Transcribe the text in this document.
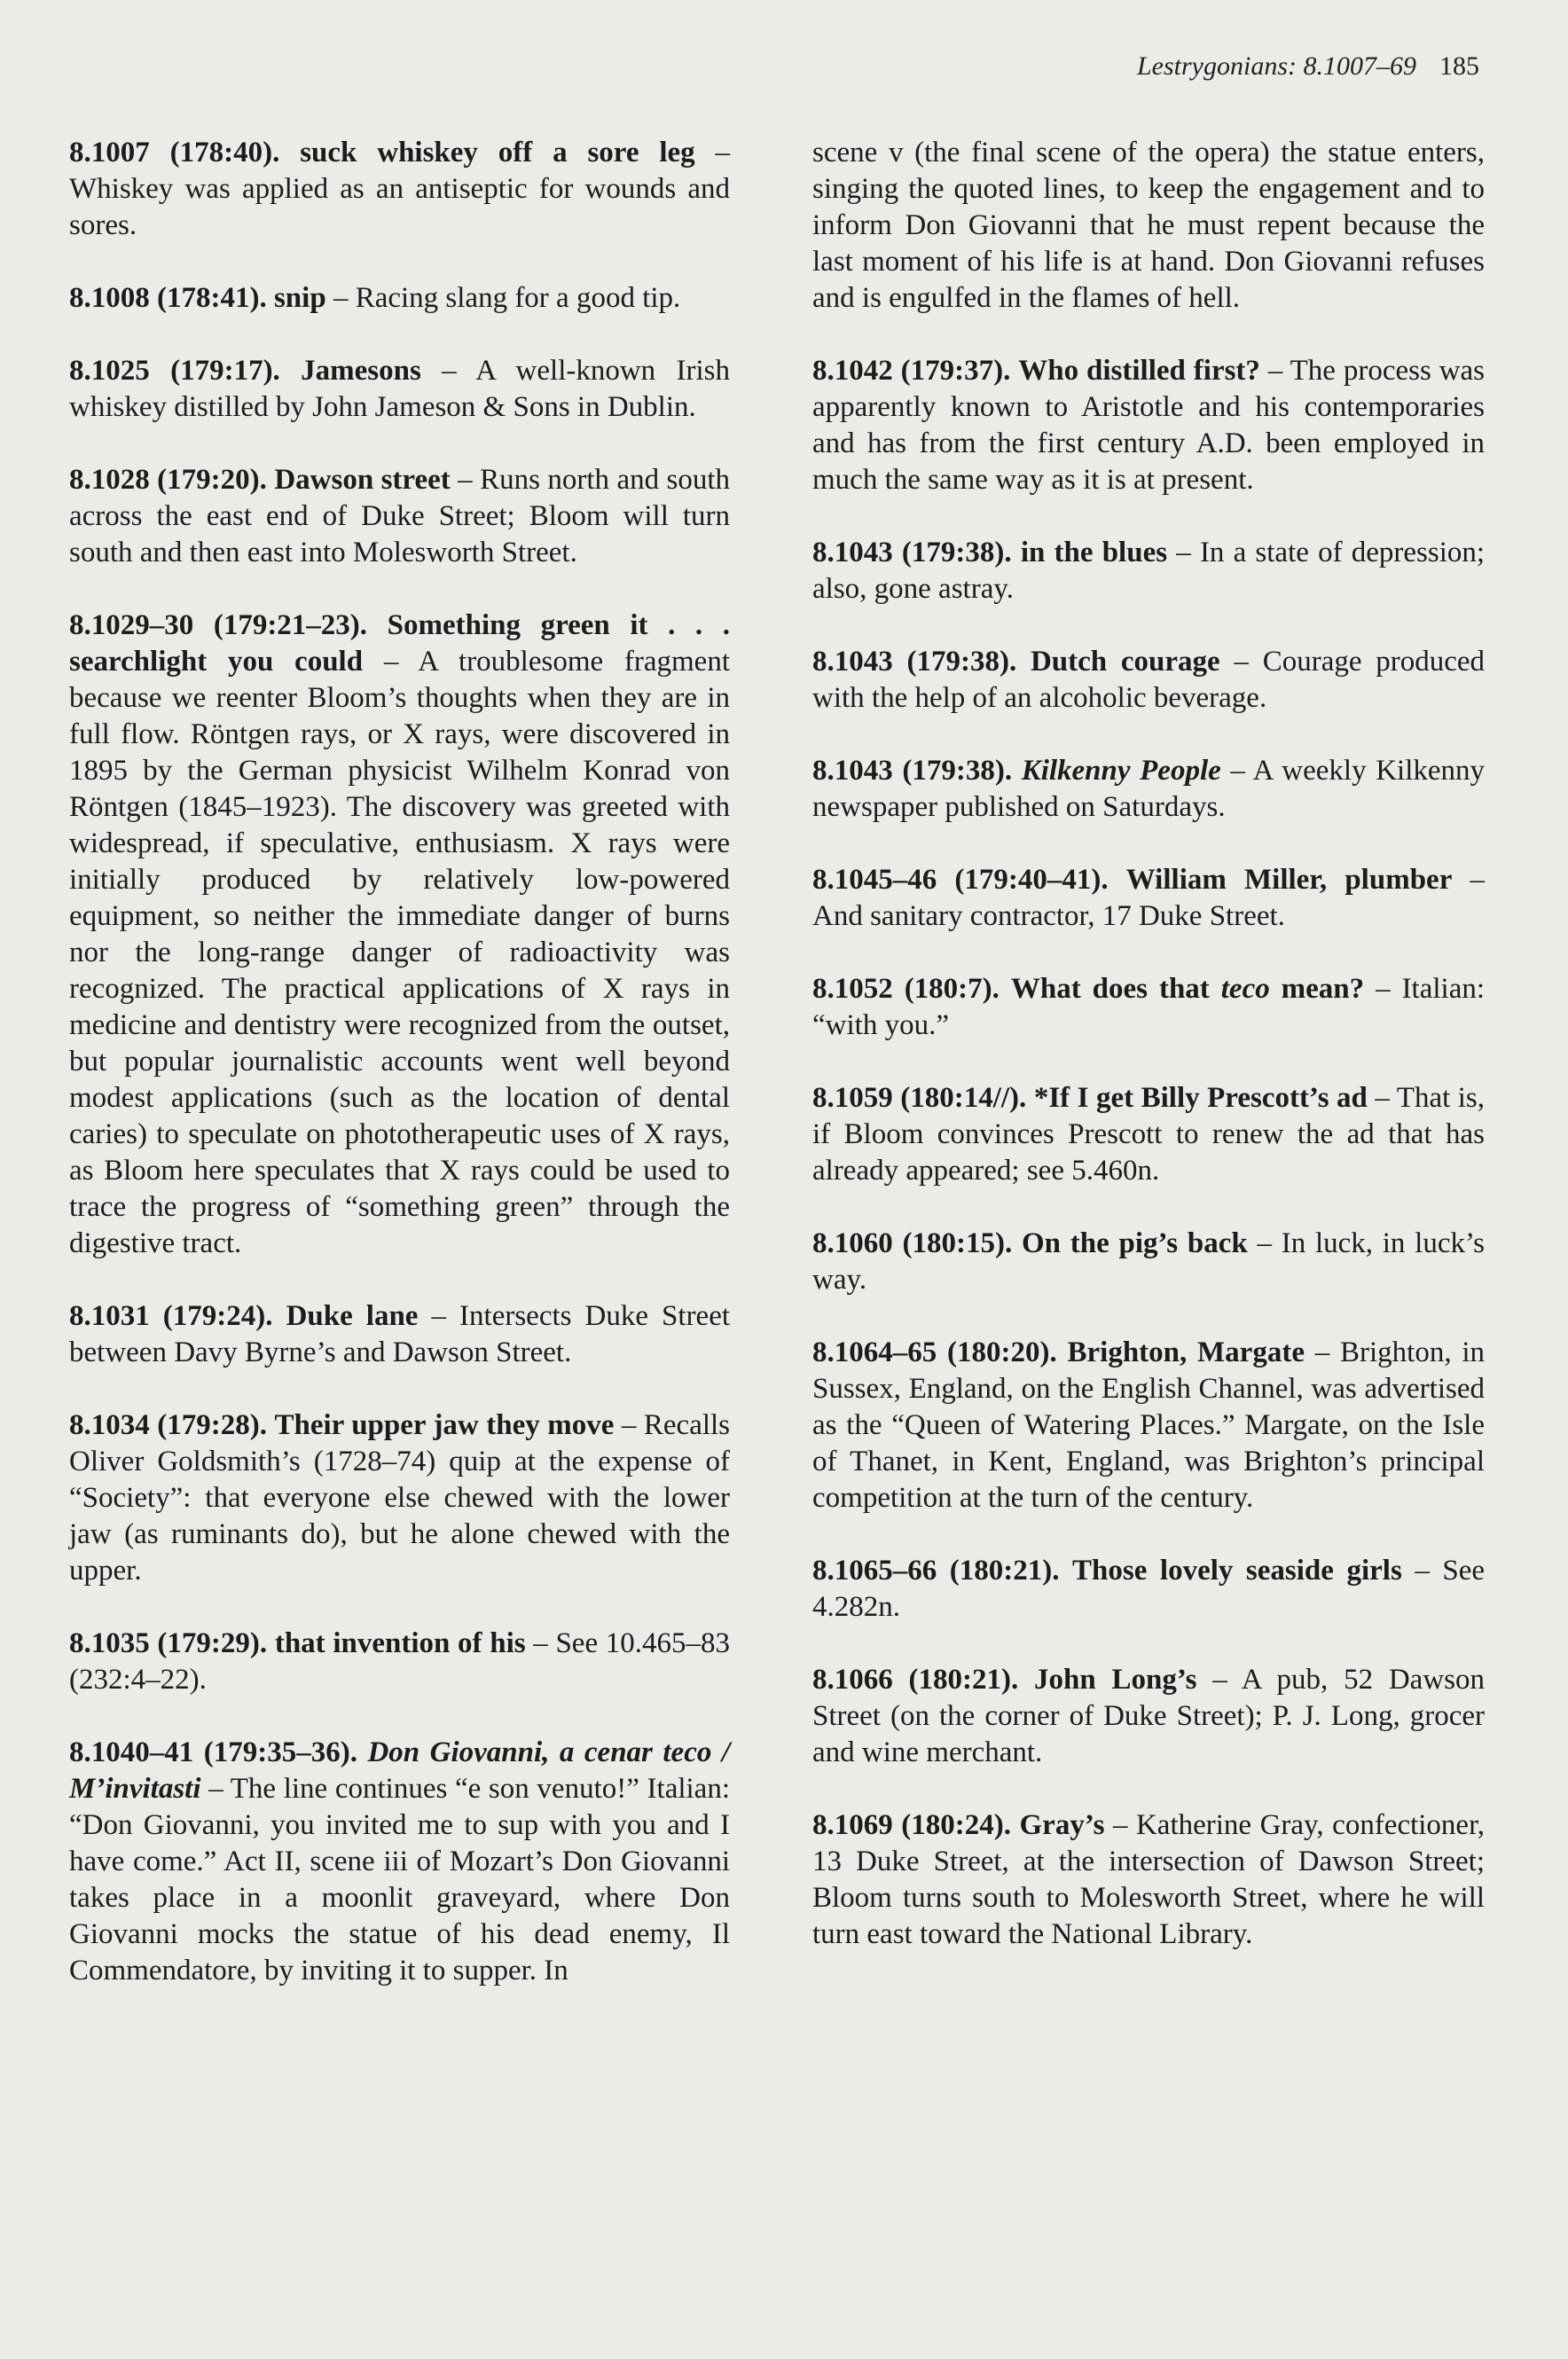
Lestrygonians: 8.1007–69 185

8.1007 (178:40). suck whiskey off a sore leg – Whiskey was applied as an antiseptic for wounds and sores.

8.1008 (178:41). snip – Racing slang for a good tip.

8.1025 (179:17). Jamesons – A well-known Irish whiskey distilled by John Jameson & Sons in Dublin.

8.1028 (179:20). Dawson street – Runs north and south across the east end of Duke Street; Bloom will turn south and then east into Molesworth Street.

8.1029–30 (179:21–23). Something green it . . . searchlight you could – A troublesome fragment because we reenter Bloom’s thoughts when they are in full flow. Röntgen rays, or X rays, were discovered in 1895 by the German physicist Wilhelm Konrad von Röntgen (1845–1923). The discovery was greeted with widespread, if speculative, enthusiasm. X rays were initially produced by relatively low-powered equipment, so neither the immediate danger of burns nor the long-range danger of radioactivity was recognized. The practical applications of X rays in medicine and dentistry were recognized from the outset, but popular journalistic accounts went well beyond modest applications (such as the location of dental caries) to speculate on phototherapeutic uses of X rays, as Bloom here speculates that X rays could be used to trace the progress of “something green” through the digestive tract.

8.1031 (179:24). Duke lane – Intersects Duke Street between Davy Byrne’s and Dawson Street.

8.1034 (179:28). Their upper jaw they move – Recalls Oliver Goldsmith’s (1728–74) quip at the expense of “Society”: that everyone else chewed with the lower jaw (as ruminants do), but he alone chewed with the upper.

8.1035 (179:29). that invention of his – See 10.465–83 (232:4–22).

8.1040–41 (179:35–36). Don Giovanni, a cenar teco / M’invitasti – The line continues “e son venuto!” Italian: “Don Giovanni, you invited me to sup with you and I have come.” Act II, scene iii of Mozart’s Don Giovanni takes place in a moonlit graveyard, where Don Giovanni mocks the statue of his dead enemy, Il Commendatore, by inviting it to supper. In

scene v (the final scene of the opera) the statue enters, singing the quoted lines, to keep the engagement and to inform Don Giovanni that he must repent because the last moment of his life is at hand. Don Giovanni refuses and is engulfed in the flames of hell.

8.1042 (179:37). Who distilled first? – The process was apparently known to Aristotle and his contemporaries and has from the first century A.D. been employed in much the same way as it is at present.

8.1043 (179:38). in the blues – In a state of depression; also, gone astray.

8.1043 (179:38). Dutch courage – Courage produced with the help of an alcoholic beverage.

8.1043 (179:38). Kilkenny People – A weekly Kilkenny newspaper published on Saturdays.

8.1045–46 (179:40–41). William Miller, plumber – And sanitary contractor, 17 Duke Street.

8.1052 (180:7). What does that teco mean? – Italian: “with you.”

8.1059 (180:14//). *If I get Billy Prescott’s ad – That is, if Bloom convinces Prescott to renew the ad that has already appeared; see 5.460n.

8.1060 (180:15). On the pig’s back – In luck, in luck’s way.

8.1064–65 (180:20). Brighton, Margate – Brighton, in Sussex, England, on the English Channel, was advertised as the “Queen of Watering Places.” Margate, on the Isle of Thanet, in Kent, England, was Brighton’s principal competition at the turn of the century.

8.1065–66 (180:21). Those lovely seaside girls – See 4.282n.

8.1066 (180:21). John Long’s – A pub, 52 Dawson Street (on the corner of Duke Street); P. J. Long, grocer and wine merchant.

8.1069 (180:24). Gray’s – Katherine Gray, confectioner, 13 Duke Street, at the intersection of Dawson Street; Bloom turns south to Molesworth Street, where he will turn east toward the National Library.
